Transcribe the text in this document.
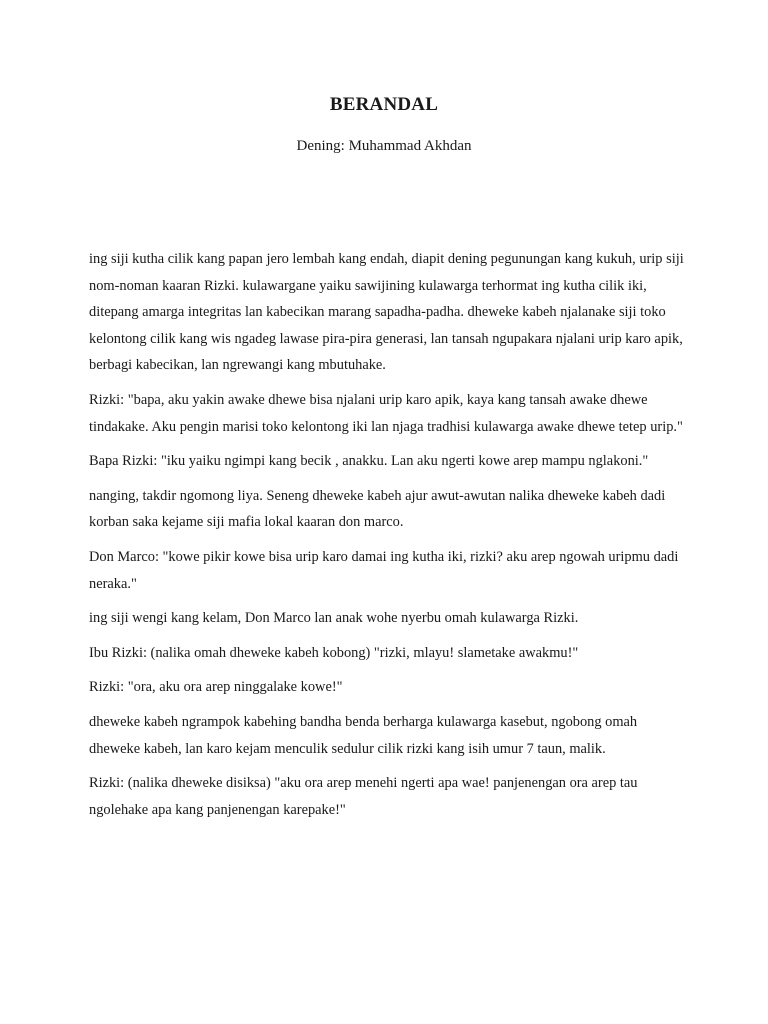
BERANDAL

Dening: Muhammad Akhdan

ing siji kutha cilik kang papan jero lembah kang endah, diapit dening pegunungan kang kukuh, urip siji nom-noman kaaran Rizki. kulawargane yaiku sawijining kulawarga terhormat ing kutha cilik iki, ditepang amarga integritas lan kabecikan marang sapadha-padha. dheweke kabeh njalanake siji toko kelontong cilik kang wis ngadeg lawase pira-pira generasi, lan tansah ngupakara njalani urip karo apik, berbagi kabecikan, lan ngrewangi kang mbutuhake.

Rizki: "bapa, aku yakin awake dhewe bisa njalani urip karo apik, kaya kang tansah awake dhewe tindakake. Aku pengin marisi toko kelontong iki lan njaga tradhisi kulawarga awake dhewe tetep urip."

Bapa Rizki: "iku yaiku ngimpi kang becik , anakku. Lan aku ngerti kowe arep mampu nglakoni."

nanging, takdir ngomong liya. Seneng dheweke kabeh ajur awut-awutan nalika dheweke kabeh dadi korban saka kejame siji mafia lokal kaaran don marco.

Don Marco: "kowe pikir kowe bisa urip karo damai ing kutha iki, rizki? aku arep ngowah uripmu dadi neraka."

ing siji wengi kang kelam, Don Marco lan anak wohe nyerbu omah kulawarga Rizki.

Ibu Rizki: (nalika omah dheweke kabeh kobong) "rizki, mlayu! slametake awakmu!"

Rizki: "ora, aku ora arep ninggalake kowe!"

dheweke kabeh ngrampok kabehing bandha benda berharga kulawarga kasebut, ngobong omah dheweke kabeh, lan karo kejam menculik sedulur cilik rizki kang isih umur 7 taun, malik.

Rizki: (nalika dheweke disiksa) "aku ora arep menehi ngerti apa wae! panjenengan ora arep tau ngolehake apa kang panjenengan karepake!"
